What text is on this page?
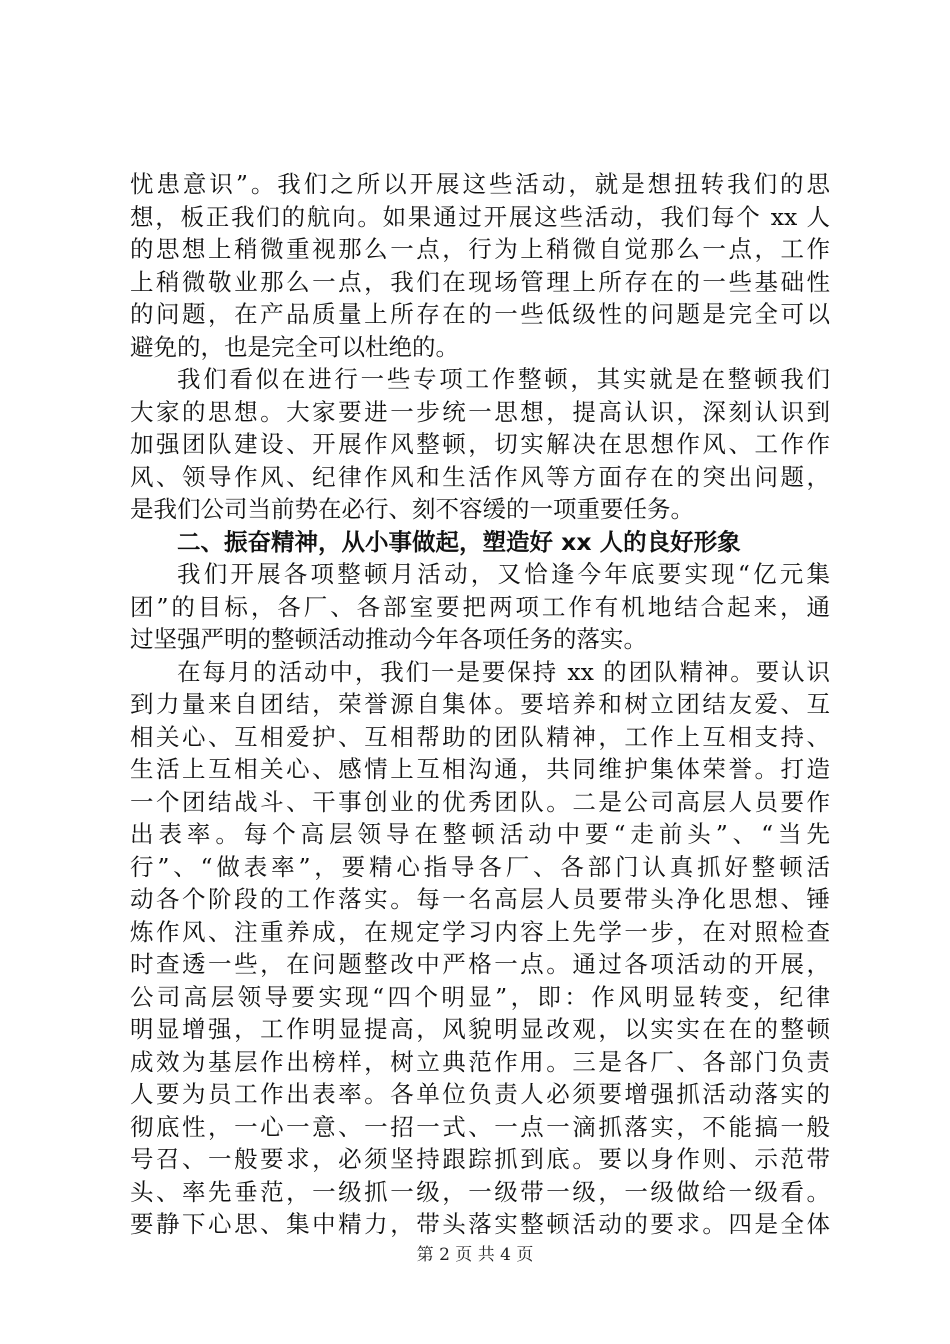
忧患意识”。我们之所以开展这些活动，就是想扭转我们的思
想，板正我们的航向。如果通过开展这些活动，我们每个 xx 人
的思想上稍微重视那么一点，行为上稍微自觉那么一点，工作
上稍微敬业那么一点，我们在现场管理上所存在的一些基础性
的问题，在产品质量上所存在的一些低级性的问题是完全可以
避免的，也是完全可以杜绝的。
我们看似在进行一些专项工作整顿，其实就是在整顿我们
大家的思想。大家要进一步统一思想，提高认识，深刻认识到
加强团队建设、开展作风整顿，切实解决在思想作风、工作作
风、领导作风、纪律作风和生活作风等方面存在的突出问题，
是我们公司当前势在必行、刻不容缓的一项重要任务。
二、振奋精神，从小事做起，塑造好 xx 人的良好形象
我们开展各项整顿月活动，又恰逢今年底要实现“亿元集
团”的目标，各厂、各部室要把两项工作有机地结合起来，通
过坚强严明的整顿活动推动今年各项任务的落实。
在每月的活动中，我们一是要保持 xx 的团队精神。要认识
到力量来自团结，荣誉源自集体。要培养和树立团结友爱、互
相关心、互相爱护、互相帮助的团队精神，工作上互相支持、
生活上互相关心、感情上互相沟通，共同维护集体荣誉。打造
一个团结战斗、干事创业的优秀团队。二是公司高层人员要作
出表率。每个高层领导在整顿活动中要“走前头”、“当先
行”、“做表率”，要精心指导各厂、各部门认真抓好整顿活
动各个阶段的工作落实。每一名高层人员要带头净化思想、锤
炼作风、注重养成，在规定学习内容上先学一步，在对照检查
时查透一些，在问题整改中严格一点。通过各项活动的开展，
公司高层领导要实现“四个明显”，即：作风明显转变，纪律
明显增强，工作明显提高，风貌明显改观，以实实在在的整顿
成效为基层作出榜样，树立典范作用。三是各厂、各部门负责
人要为员工作出表率。各单位负责人必须要增强抓活动落实的
彻底性，一心一意、一招一式、一点一滴抓落实，不能搞一般
号召、一般要求，必须坚持跟踪抓到底。要以身作则、示范带
头、率先垂范，一级抓一级，一级带一级，一级做给一级看。
要静下心思、集中精力，带头落实整顿活动的要求。四是全体
第 2 页 共 4 页
